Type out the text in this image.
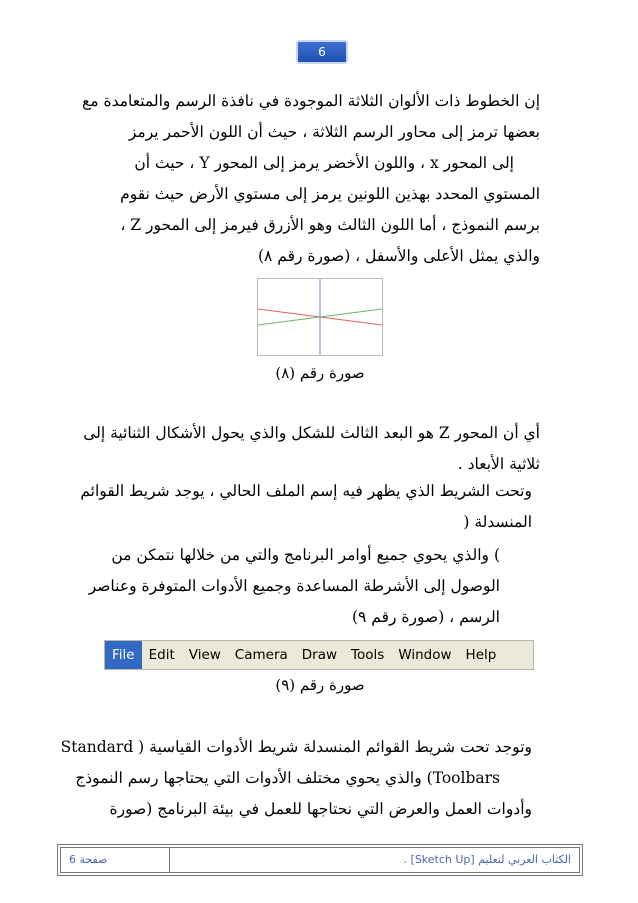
6
إن الخطوط ذات الألوان الثلاثة الموجودة في نافذة الرسم والمتعامدة مع
بعضها ترمز إلى محاور الرسم الثلاثة ، حيث أن اللون الأحمر يرمز
إلى المحور x ، واللون الأخضر يرمز إلى المحور Y ، حيث أن
المستوي المحدد بهذين اللونين يرمز إلى مستوي الأرض حيث نقوم
برسم النموذج ، أما اللون الثالث وهو الأزرق فيرمز إلى المحور Z ،
والذي يمثل الأعلى والأسفل ، (صورة رقم ٨)
صورة رقم (٨)
أي أن المحور Z هو البعد الثالث للشكل والذي يحول الأشكال الثنائية إلى
ثلاثية الأبعاد .
وتحت الشريط الذي يظهر فيه إسم الملف الحالي ، يوجد شريط القوائم
المنسدلة (
) والذي يحوي جميع أوامر البرنامج والتي من خلالها نتمكن من
الوصول إلى الأشرطة المساعدة وجميع الأدوات المتوفرة وعناصر
الرسم ، (صورة رقم ٩)
File	Edit	View	Camera	Draw	Tools	Window	Help
صورة رقم (٩)
وتوجد تحت شريط القوائم المنسدلة شريط الأدوات القياسية ( Standard
Toolbars) والذي يحوي مختلف الأدوات التي يحتاجها رسم النموذج
وأدوات العمل والعرض التي نحتاجها للعمل في بيئة البرنامج (صورة
الكتاب العربي لتعليم [Sketch Up] .
صفحة 6
